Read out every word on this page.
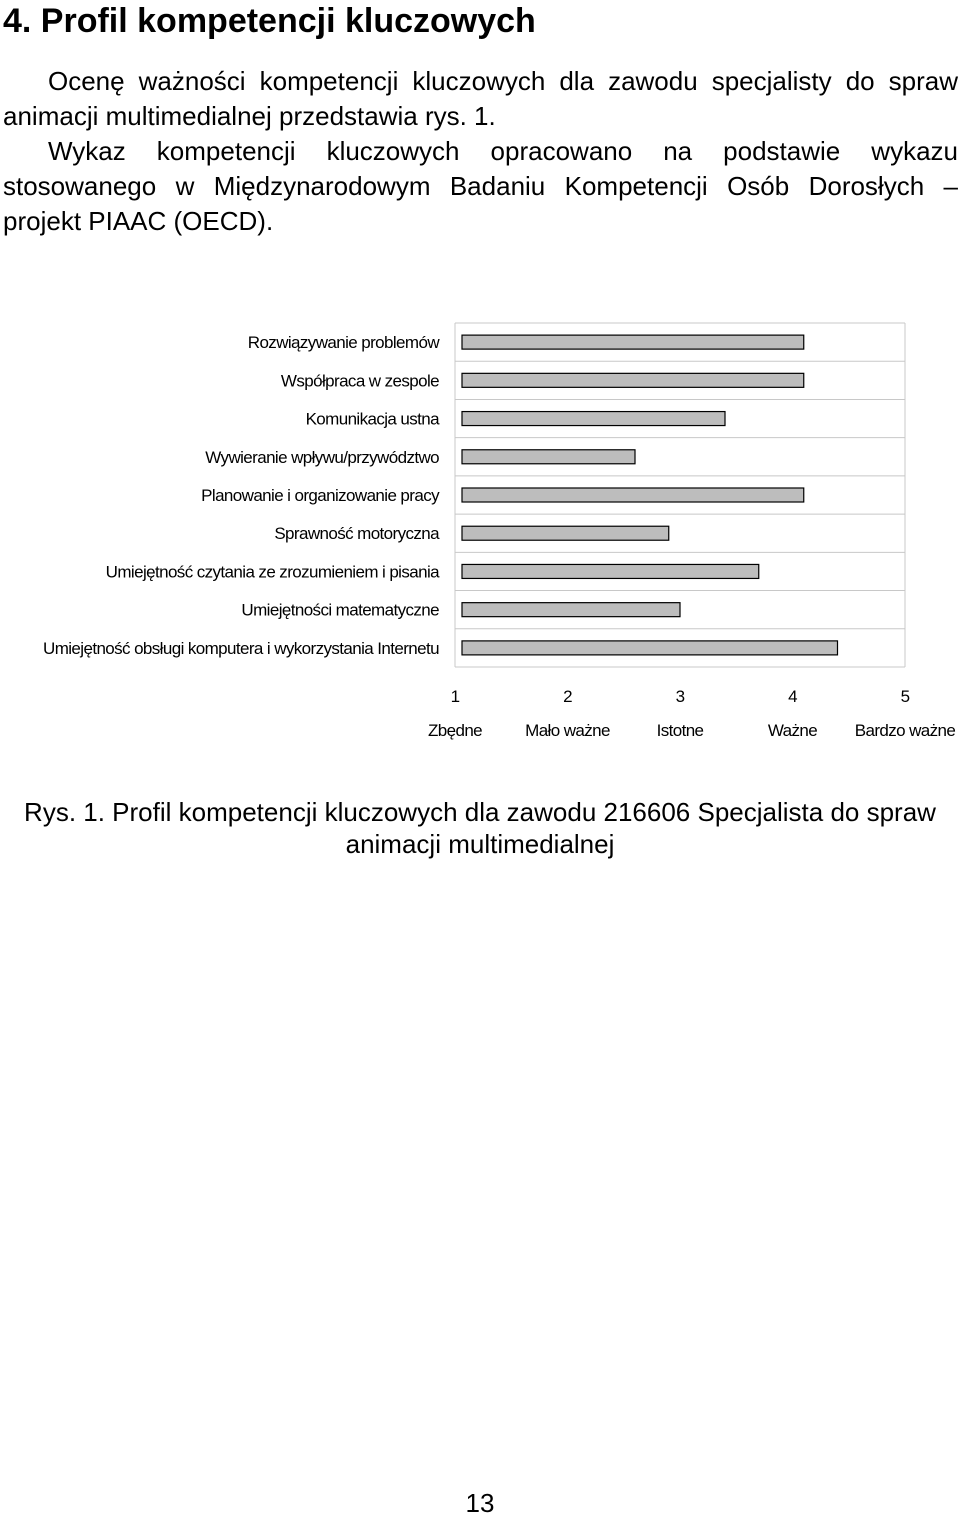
4. Profil kompetencji kluczowych

Ocenę ważności kompetencji kluczowych dla zawodu specjalisty do spraw animacji multimedialnej przedstawia rys. 1.

Wykaz kompetencji kluczowych opracowano na podstawie wykazu stosowanego w Międzynarodowym Badaniu Kompetencji Osób Dorosłych – projekt PIAAC (OECD).

Rozwiązywanie problemów
Współpraca w zespole
Komunikacja ustna
Wywieranie wpływu/przywództwo
Planowanie i organizowanie pracy
Sprawność motoryczna
Umiejętność czytania ze zrozumieniem i pisania
Umiejętności matematyczne
Umiejętność obsługi komputera i wykorzystania Internetu
1
Zbędne
2
Mało ważne
3
Istotne
4
Ważne
5
Bardzo ważne

Rys. 1. Profil kompetencji kluczowych dla zawodu 216606 Specjalista do spraw animacji multimedialnej

13
